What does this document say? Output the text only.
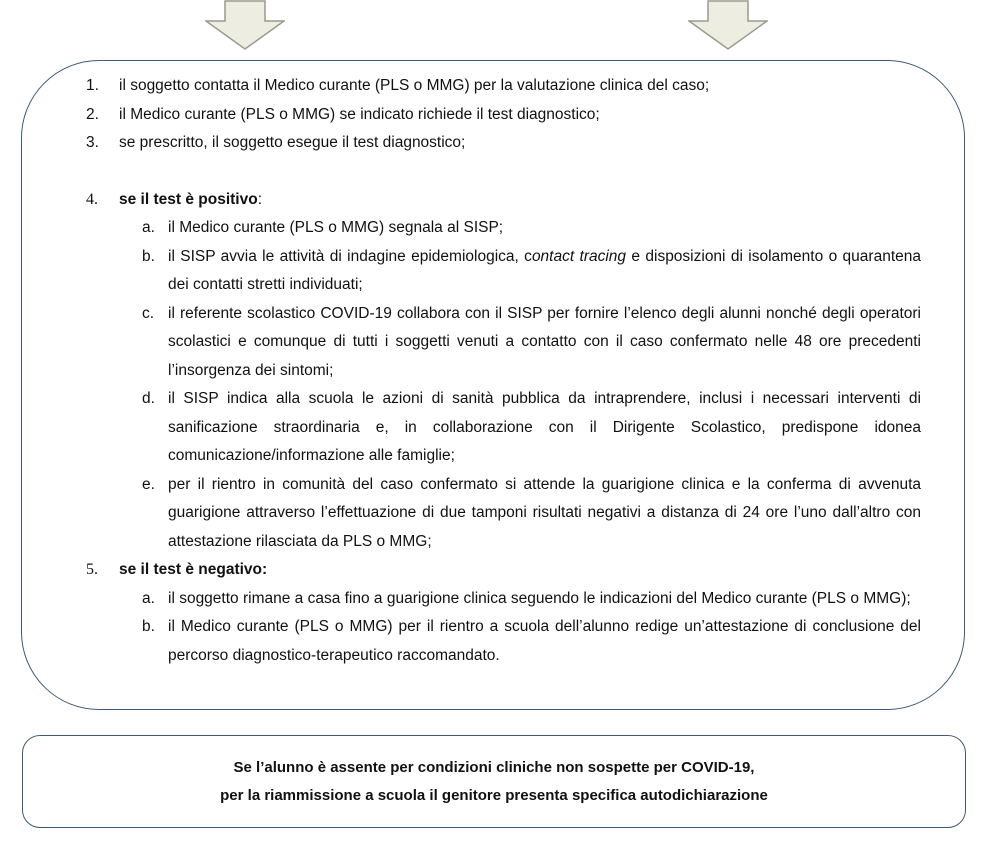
1.	il soggetto contatta il Medico curante (PLS o MMG) per la valutazione clinica del caso;
2.	il Medico curante (PLS o MMG) se indicato richiede il test diagnostico;
3.	se prescritto, il soggetto esegue il test diagnostico;
4.	se il test è positivo:
a. il Medico curante (PLS o MMG) segnala al SISP;
b. il SISP avvia le attività di indagine epidemiologica, contact tracing e disposizioni di isolamento o quarantena dei contatti stretti individuati;
c. il referente scolastico COVID-19 collabora con il SISP per fornire l’elenco degli alunni nonché degli operatori scolastici e comunque di tutti i soggetti venuti a contatto con il caso confermato nelle 48 ore precedenti l’insorgenza dei sintomi;
d. il SISP indica alla scuola le azioni di sanità pubblica da intraprendere, inclusi i necessari interventi di sanificazione straordinaria e, in collaborazione con il Dirigente Scolastico, predispone idonea comunicazione/informazione alle famiglie;
e. per il rientro in comunità del caso confermato si attende la guarigione clinica e la conferma di avvenuta guarigione attraverso l’effettuazione di due tamponi risultati negativi a distanza di 24 ore l’uno dall’altro con attestazione rilasciata da PLS o MMG;
5.	se il test è negativo:
a. il soggetto rimane a casa fino a guarigione clinica seguendo le indicazioni del Medico curante (PLS o MMG);
b. il Medico curante (PLS o MMG) per il rientro a scuola dell’alunno redige un’attestazione di conclusione del percorso diagnostico-terapeutico raccomandato.
Se l’alunno è assente per condizioni cliniche non sospette per COVID-19,
per la riammissione a scuola il genitore presenta specifica autodichiarazione
